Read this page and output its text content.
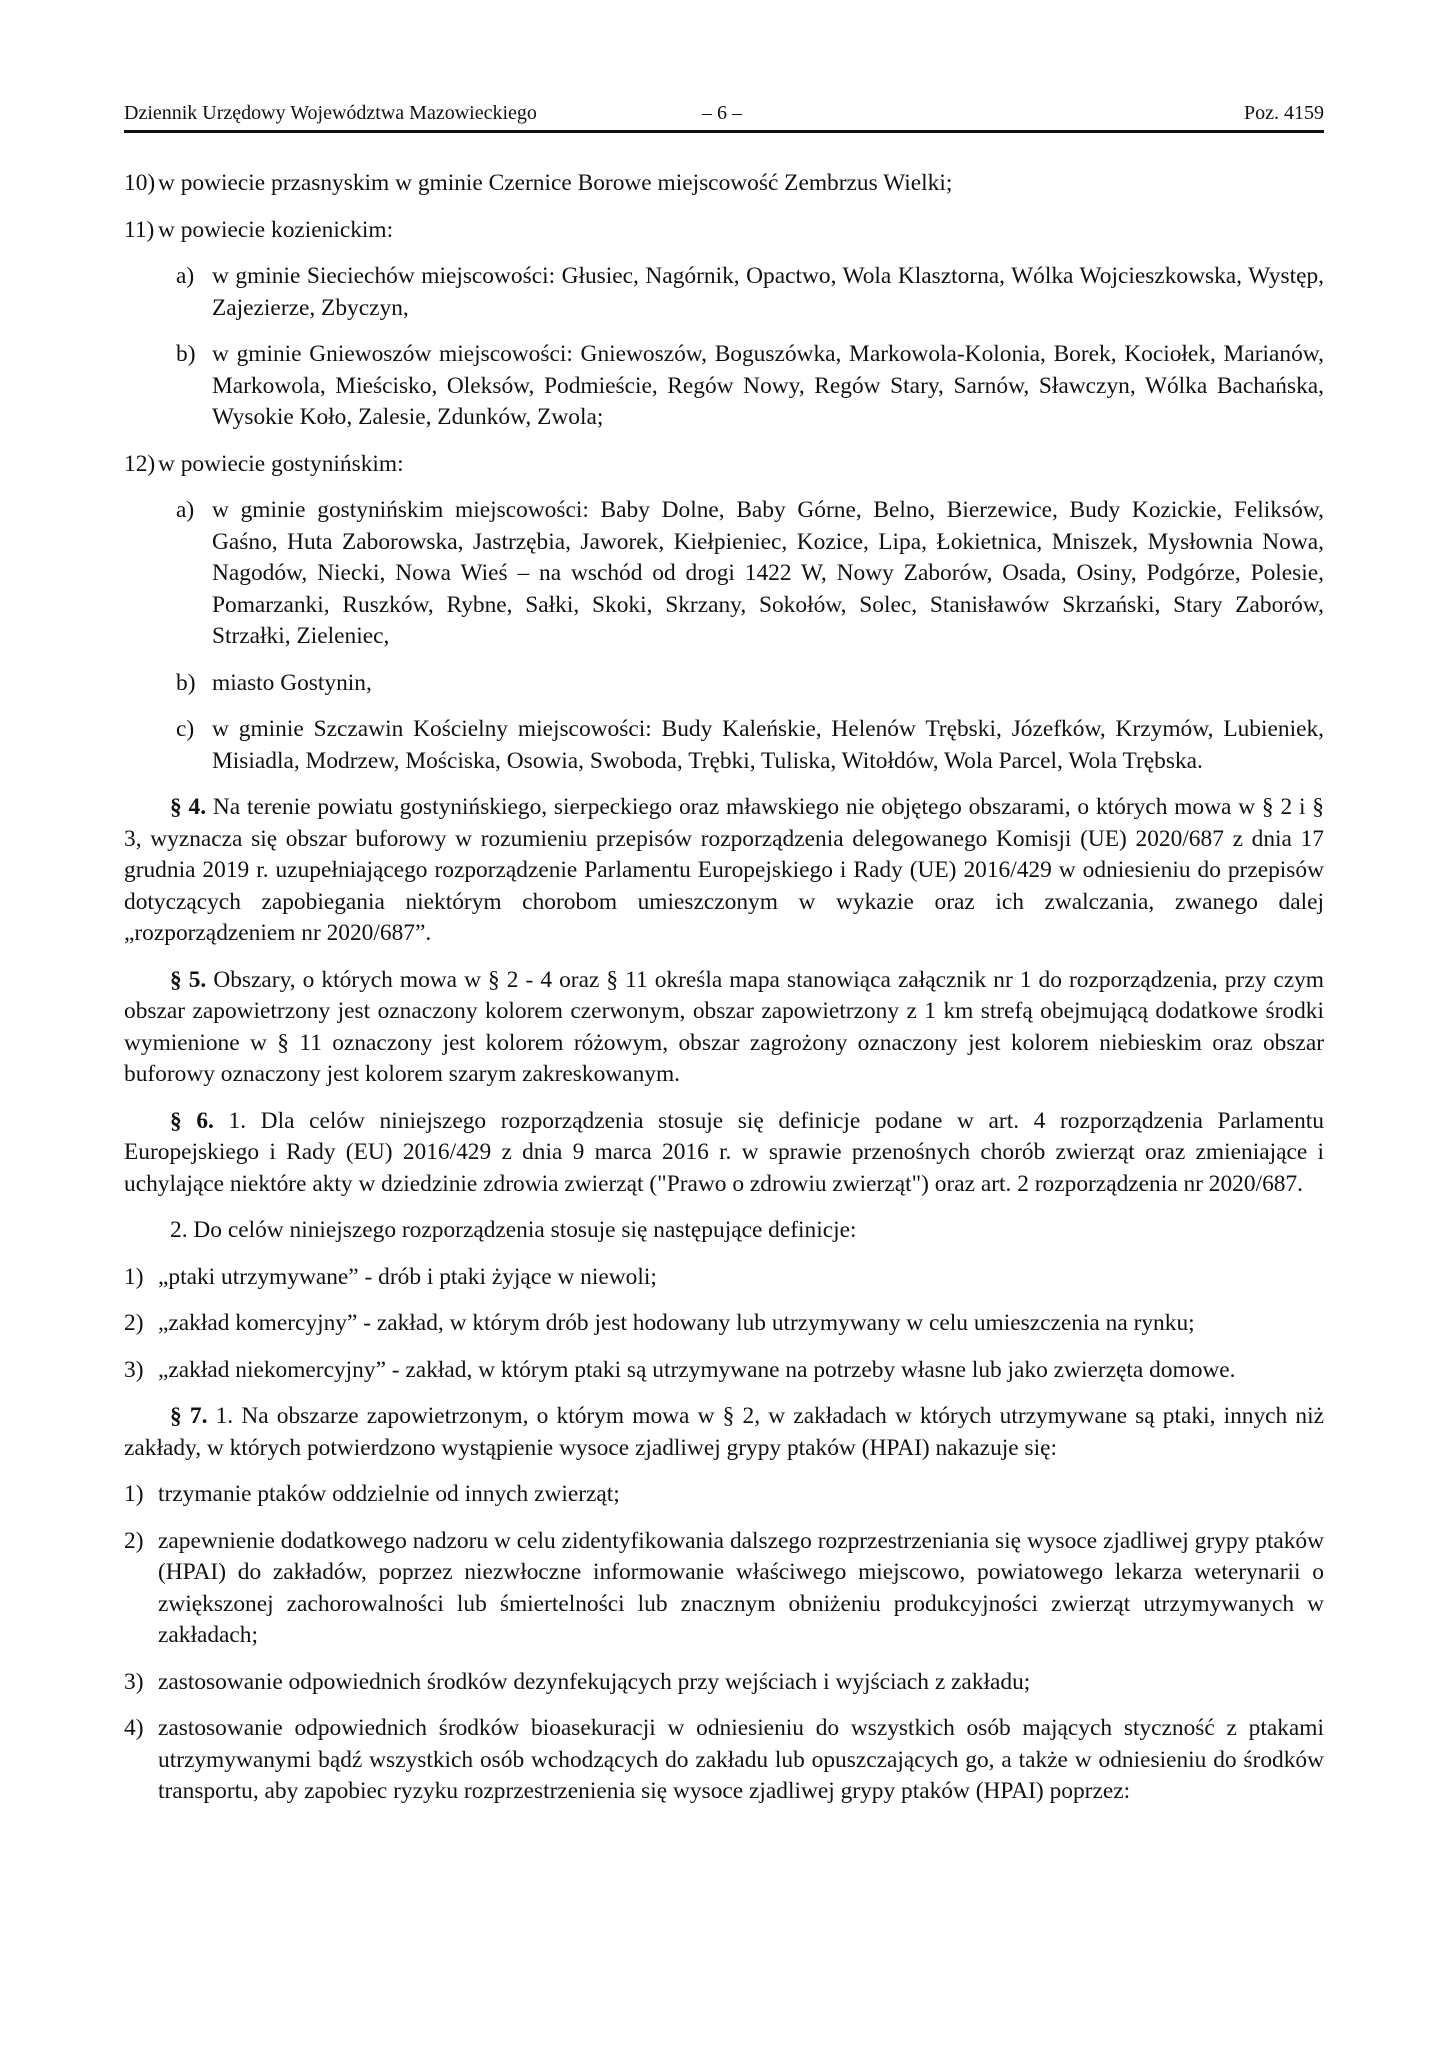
Dziennik Urzędowy Województwa Mazowieckiego	– 6 –	Poz. 4159
10) w powiecie przasnyskim w gminie Czernice Borowe miejscowość Zembrzus Wielki;
11) w powiecie kozienickim:
a) w gminie Sieciechów miejscowości: Głusiec, Nagórnik, Opactwo, Wola Klasztorna, Wólka Wojcieszkowska, Występ, Zajezierze, Zbyczyn,
b) w gminie Gniewoszów miejscowości: Gniewoszów, Boguszówka, Markowola-Kolonia, Borek, Kociołek, Marianów, Markowola, Mieścisko, Oleksów, Podmieście, Regów Nowy, Regów Stary, Sarnów, Sławczyn, Wólka Bachańska, Wysokie Koło, Zalesie, Zdunków, Zwola;
12) w powiecie gostynińskim:
a) w gminie gostynińskim miejscowości: Baby Dolne, Baby Górne, Belno, Bierzewice, Budy Kozickie, Feliksów, Gaśno, Huta Zaborowska, Jastrzębia, Jaworek, Kiełpieniec, Kozice, Lipa, Łokietnica, Mniszek, Mysłownia Nowa, Nagodów, Niecki, Nowa Wieś – na wschód od drogi 1422 W, Nowy Zaborów, Osada, Osiny, Podgórze, Polesie, Pomarzanki, Ruszków, Rybne, Sałki, Skoki, Skrzany, Sokołów, Solec, Stanisławów Skrzański, Stary Zaborów, Strzałki, Zieleniec,
b) miasto Gostynin,
c) w gminie Szczawin Kościelny miejscowości: Budy Kaleńskie, Helenów Trębski, Józefków, Krzymów, Lubieniek, Misiadla, Modrzew, Mościska, Osowia, Swoboda, Trębki, Tuliska, Witołdów, Wola Parcel, Wola Trębska.

§ 4. Na terenie powiatu gostynińskiego, sierpeckiego oraz mławskiego nie objętego obszarami, o których mowa w § 2 i § 3, wyznacza się obszar buforowy w rozumieniu przepisów rozporządzenia delegowanego Komisji (UE) 2020/687 z dnia 17 grudnia 2019 r. uzupełniającego rozporządzenie Parlamentu Europejskiego i Rady (UE) 2016/429 w odniesieniu do przepisów dotyczących zapobiegania niektórym chorobom umieszczonym w wykazie oraz ich zwalczania, zwanego dalej „rozporządzeniem nr 2020/687”.

§ 5. Obszary, o których mowa w § 2 - 4 oraz § 11 określa mapa stanowiąca załącznik nr 1 do rozporządzenia, przy czym obszar zapowietrzony jest oznaczony kolorem czerwonym, obszar zapowietrzony z 1 km strefą obejmującą dodatkowe środki wymienione w § 11 oznaczony jest kolorem różowym, obszar zagrożony oznaczony jest kolorem niebieskim oraz obszar buforowy oznaczony jest kolorem szarym zakreskowanym.

§ 6. 1. Dla celów niniejszego rozporządzenia stosuje się definicje podane w art. 4 rozporządzenia Parlamentu Europejskiego i Rady (EU) 2016/429 z dnia 9 marca 2016 r. w sprawie przenośnych chorób zwierząt oraz zmieniające i uchylające niektóre akty w dziedzinie zdrowia zwierząt ("Prawo o zdrowiu zwierząt") oraz art. 2 rozporządzenia nr 2020/687.

2. Do celów niniejszego rozporządzenia stosuje się następujące definicje:

1) „ptaki utrzymywane” - drób i ptaki żyjące w niewoli;
2) „zakład komercyjny” - zakład, w którym drób jest hodowany lub utrzymywany w celu umieszczenia na rynku;
3) „zakład niekomercyjny” - zakład, w którym ptaki są utrzymywane na potrzeby własne lub jako zwierzęta domowe.

§ 7. 1. Na obszarze zapowietrzonym, o którym mowa w § 2, w zakładach w których utrzymywane są ptaki, innych niż zakłady, w których potwierdzono wystąpienie wysoce zjadliwej grypy ptaków (HPAI) nakazuje się:

1) trzymanie ptaków oddzielnie od innych zwierząt;
2) zapewnienie dodatkowego nadzoru w celu zidentyfikowania dalszego rozprzestrzeniania się wysoce zjadliwej grypy ptaków (HPAI) do zakładów, poprzez niezwłoczne informowanie właściwego miejscowo, powiatowego lekarza weterynarii o zwiększonej zachorowalności lub śmiertelności lub znacznym obniżeniu produkcyjności zwierząt utrzymywanych w zakładach;
3) zastosowanie odpowiednich środków dezynfekujących przy wejściach i wyjściach z zakładu;
4) zastosowanie odpowiednich środków bioasekuracji w odniesieniu do wszystkich osób mających styczność z ptakami utrzymywanymi bądź wszystkich osób wchodzących do zakładu lub opuszczających go, a także w odniesieniu do środków transportu, aby zapobiec ryzyku rozprzestrzenienia się wysoce zjadliwej grypy ptaków (HPAI) poprzez:
